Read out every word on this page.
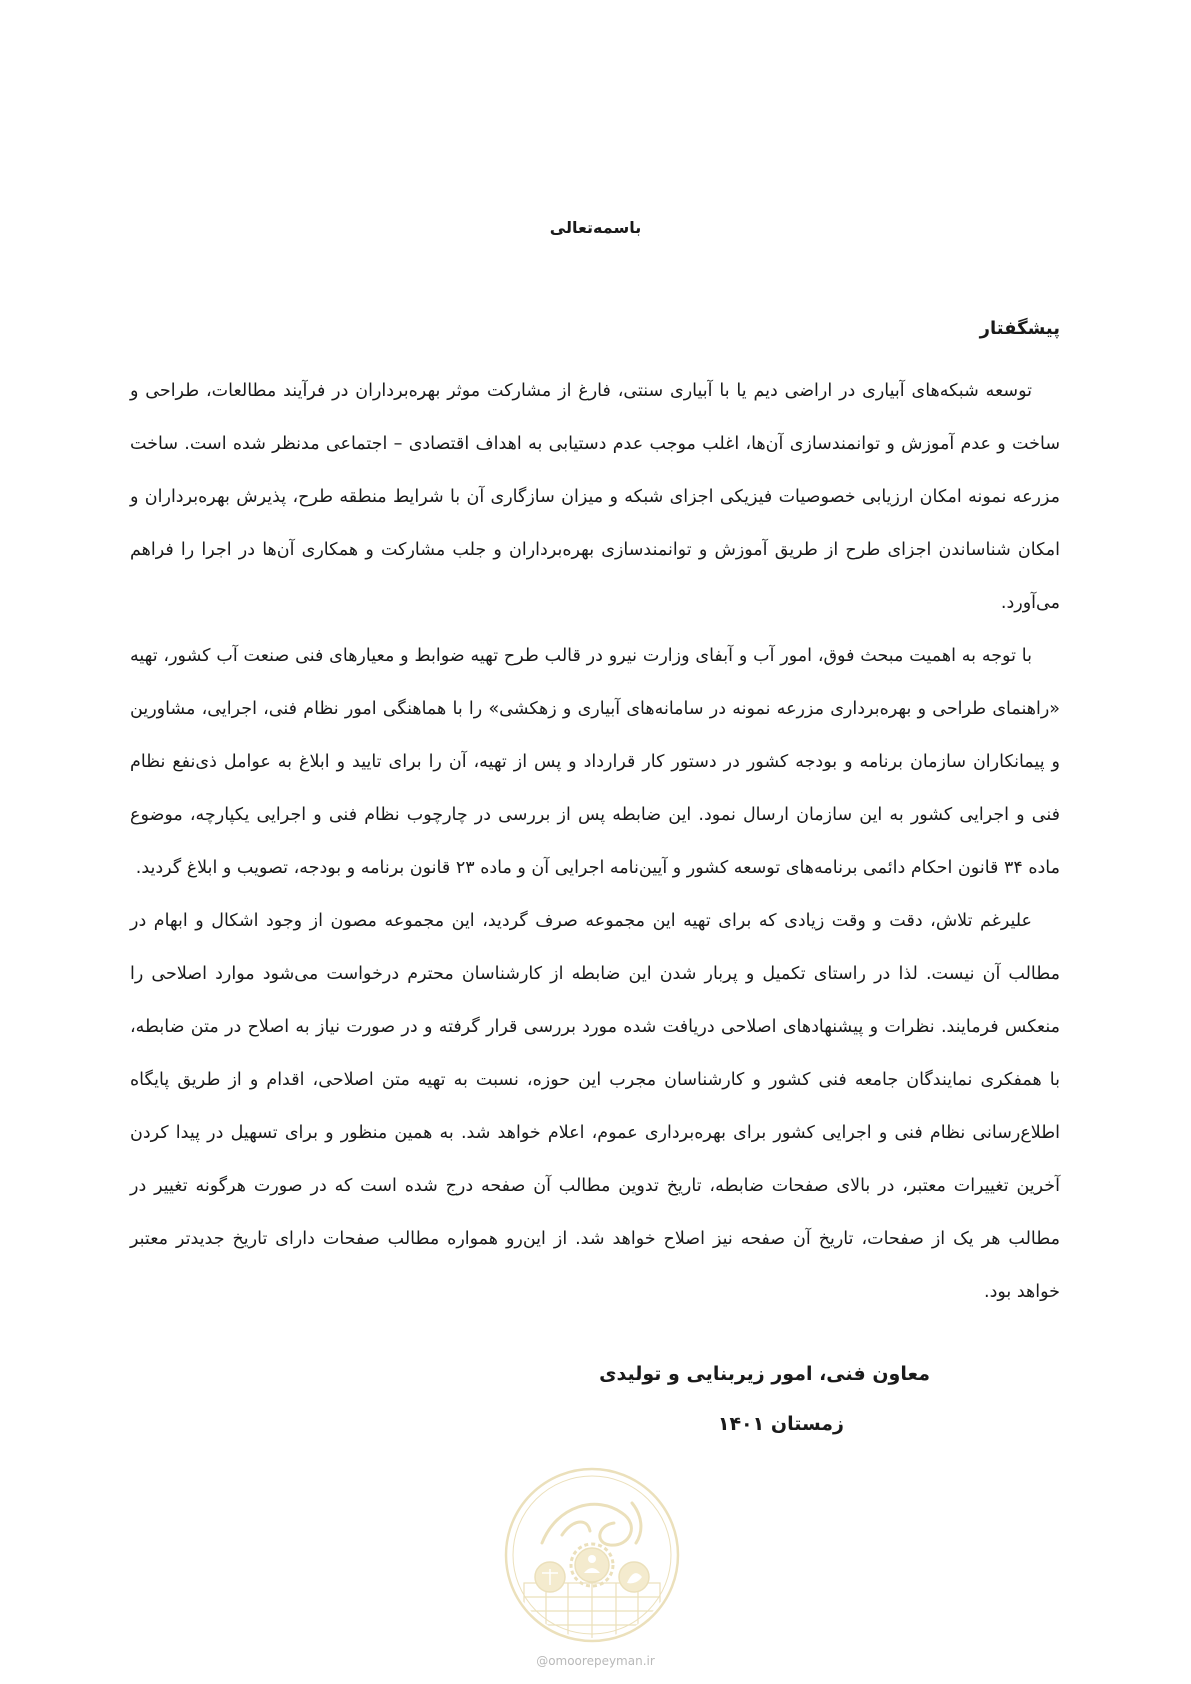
باسمه‌تعالی
پیشگفتار

توسعه شبکه‌های آبیاری در اراضی دیم یا با آبیاری سنتی، فارغ از مشارکت موثر بهره‌برداران در فرآیند مطالعات، طراحی و ساخت و عدم آموزش و توانمندسازی آن‌ها، اغلب موجب عدم دستیابی به اهداف اقتصادی – اجتماعی مدنظر شده است. ساخت مزرعه نمونه امکان ارزیابی خصوصیات فیزیکی اجزای شبکه و میزان سازگاری آن با شرایط منطقه طرح، پذیرش بهره‌برداران و امکان شناساندن اجزای طرح از طریق آموزش و توانمندسازی بهره‌برداران و جلب مشارکت و همکاری آن‌ها در اجرا را فراهم می‌آورد.

با توجه به اهمیت مبحث فوق، امور آب و آبفای وزارت نیرو در قالب طرح تهیه ضوابط و معیارهای فنی صنعت آب کشور، تهیه «راهنمای طراحی و بهره‌برداری مزرعه نمونه در سامانه‌های آبیاری و زهکشی» را با هماهنگی امور نظام فنی، اجرایی، مشاورین و پیمانکاران سازمان برنامه و بودجه کشور در دستور کار قرارداد و پس از تهیه، آن را برای تایید و ابلاغ به عوامل ذی‌نفع نظام فنی و اجرایی کشور به این سازمان ارسال نمود. این ضابطه پس از بررسی در چارچوب نظام فنی و اجرایی یکپارچه، موضوع ماده ۳۴ قانون احکام دائمی برنامه‌های توسعه کشور و آیین‌نامه اجرایی آن و ماده ۲۳ قانون برنامه و بودجه، تصویب و ابلاغ گردید.

علیرغم تلاش، دقت و وقت زیادی که برای تهیه این مجموعه صرف گردید، این مجموعه مصون از وجود اشکال و ابهام در مطالب آن نیست. لذا در راستای تکمیل و پربار شدن این ضابطه از کارشناسان محترم درخواست می‌شود موارد اصلاحی را منعکس فرمایند. نظرات و پیشنهادهای اصلاحی دریافت شده مورد بررسی قرار گرفته و در صورت نیاز به اصلاح در متن ضابطه، با همفکری نمایندگان جامعه فنی کشور و کارشناسان مجرب این حوزه، نسبت به تهیه متن اصلاحی، اقدام و از طریق پایگاه اطلاع‌رسانی نظام فنی و اجرایی کشور برای بهره‌برداری عموم، اعلام خواهد شد. به همین منظور و برای تسهیل در پیدا کردن آخرین تغییرات معتبر، در بالای صفحات ضابطه، تاریخ تدوین مطالب آن صفحه درج شده است که در صورت هرگونه تغییر در مطالب هر یک از صفحات، تاریخ آن صفحه نیز اصلاح خواهد شد. از این‌رو همواره مطالب صفحات دارای تاریخ جدیدتر معتبر خواهد بود.

معاون فنی، امور زیربنایی و تولیدی
زمستان ۱۴۰۱
@omoorepeyman.ir
